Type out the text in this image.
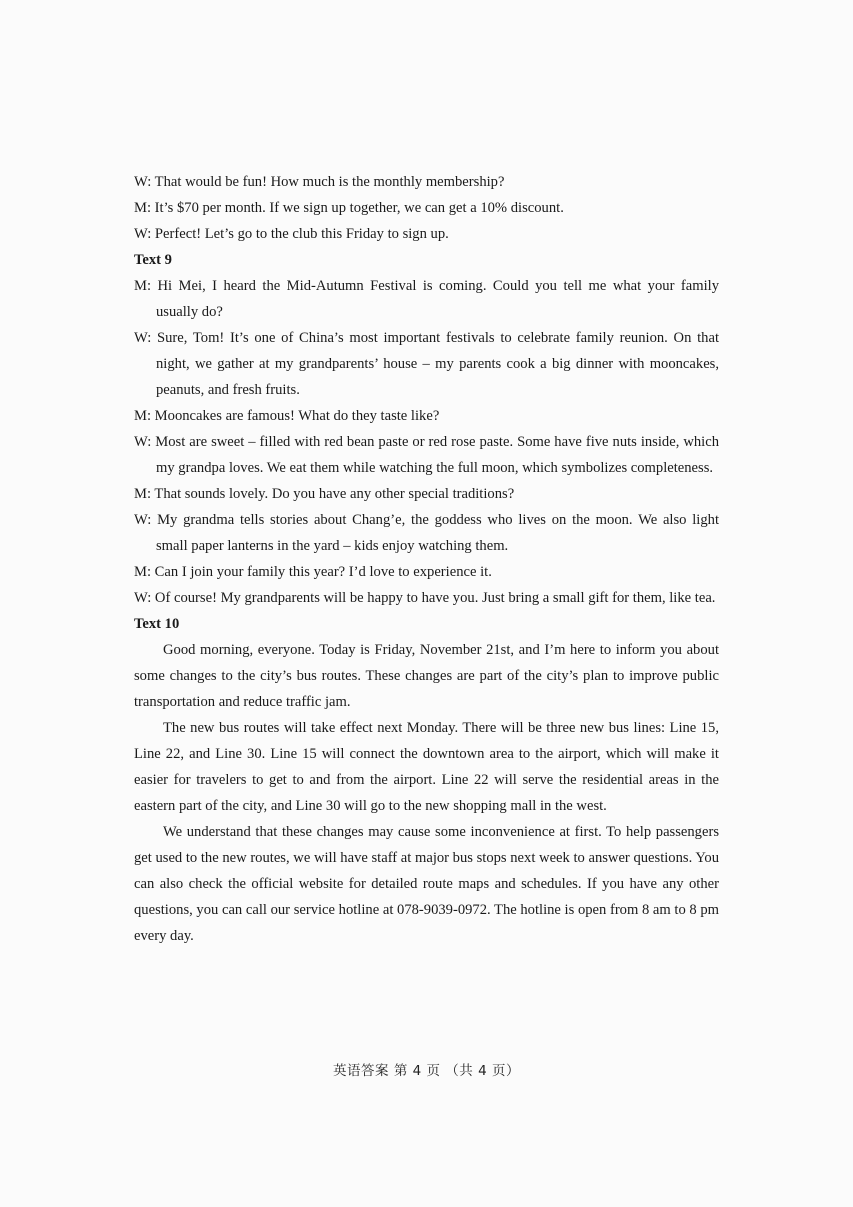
W: That would be fun! How much is the monthly membership?

M: It’s $70 per month. If we sign up together, we can get a 10% discount.

W: Perfect! Let’s go to the club this Friday to sign up.

Text 9

M: Hi Mei, I heard the Mid-Autumn Festival is coming. Could you tell me what your family usually do?

W: Sure, Tom! It’s one of China’s most important festivals to celebrate family reunion. On that night, we gather at my grandparents’ house – my parents cook a big dinner with mooncakes, peanuts, and fresh fruits.

M: Mooncakes are famous! What do they taste like?

W: Most are sweet – filled with red bean paste or red rose paste. Some have five nuts inside, which my grandpa loves. We eat them while watching the full moon, which symbolizes completeness.

M: That sounds lovely. Do you have any other special traditions?

W: My grandma tells stories about Chang’e, the goddess who lives on the moon. We also light small paper lanterns in the yard – kids enjoy watching them.

M: Can I join your family this year? I’d love to experience it.

W: Of course! My grandparents will be happy to have you. Just bring a small gift for them, like tea.

Text 10

Good morning, everyone. Today is Friday, November 21st, and I’m here to inform you about some changes to the city’s bus routes. These changes are part of the city’s plan to improve public transportation and reduce traffic jam.

The new bus routes will take effect next Monday. There will be three new bus lines: Line 15, Line 22, and Line 30. Line 15 will connect the downtown area to the airport, which will make it easier for travelers to get to and from the airport. Line 22 will serve the residential areas in the eastern part of the city, and Line 30 will go to the new shopping mall in the west.

We understand that these changes may cause some inconvenience at first. To help passengers get used to the new routes, we will have staff at major bus stops next week to answer questions. You can also check the official website for detailed route maps and schedules. If you have any other questions, you can call our service hotline at 078-9039-0972. The hotline is open from 8 am to 8 pm every day.

英语答案 第 4 页 （共 4 页）
